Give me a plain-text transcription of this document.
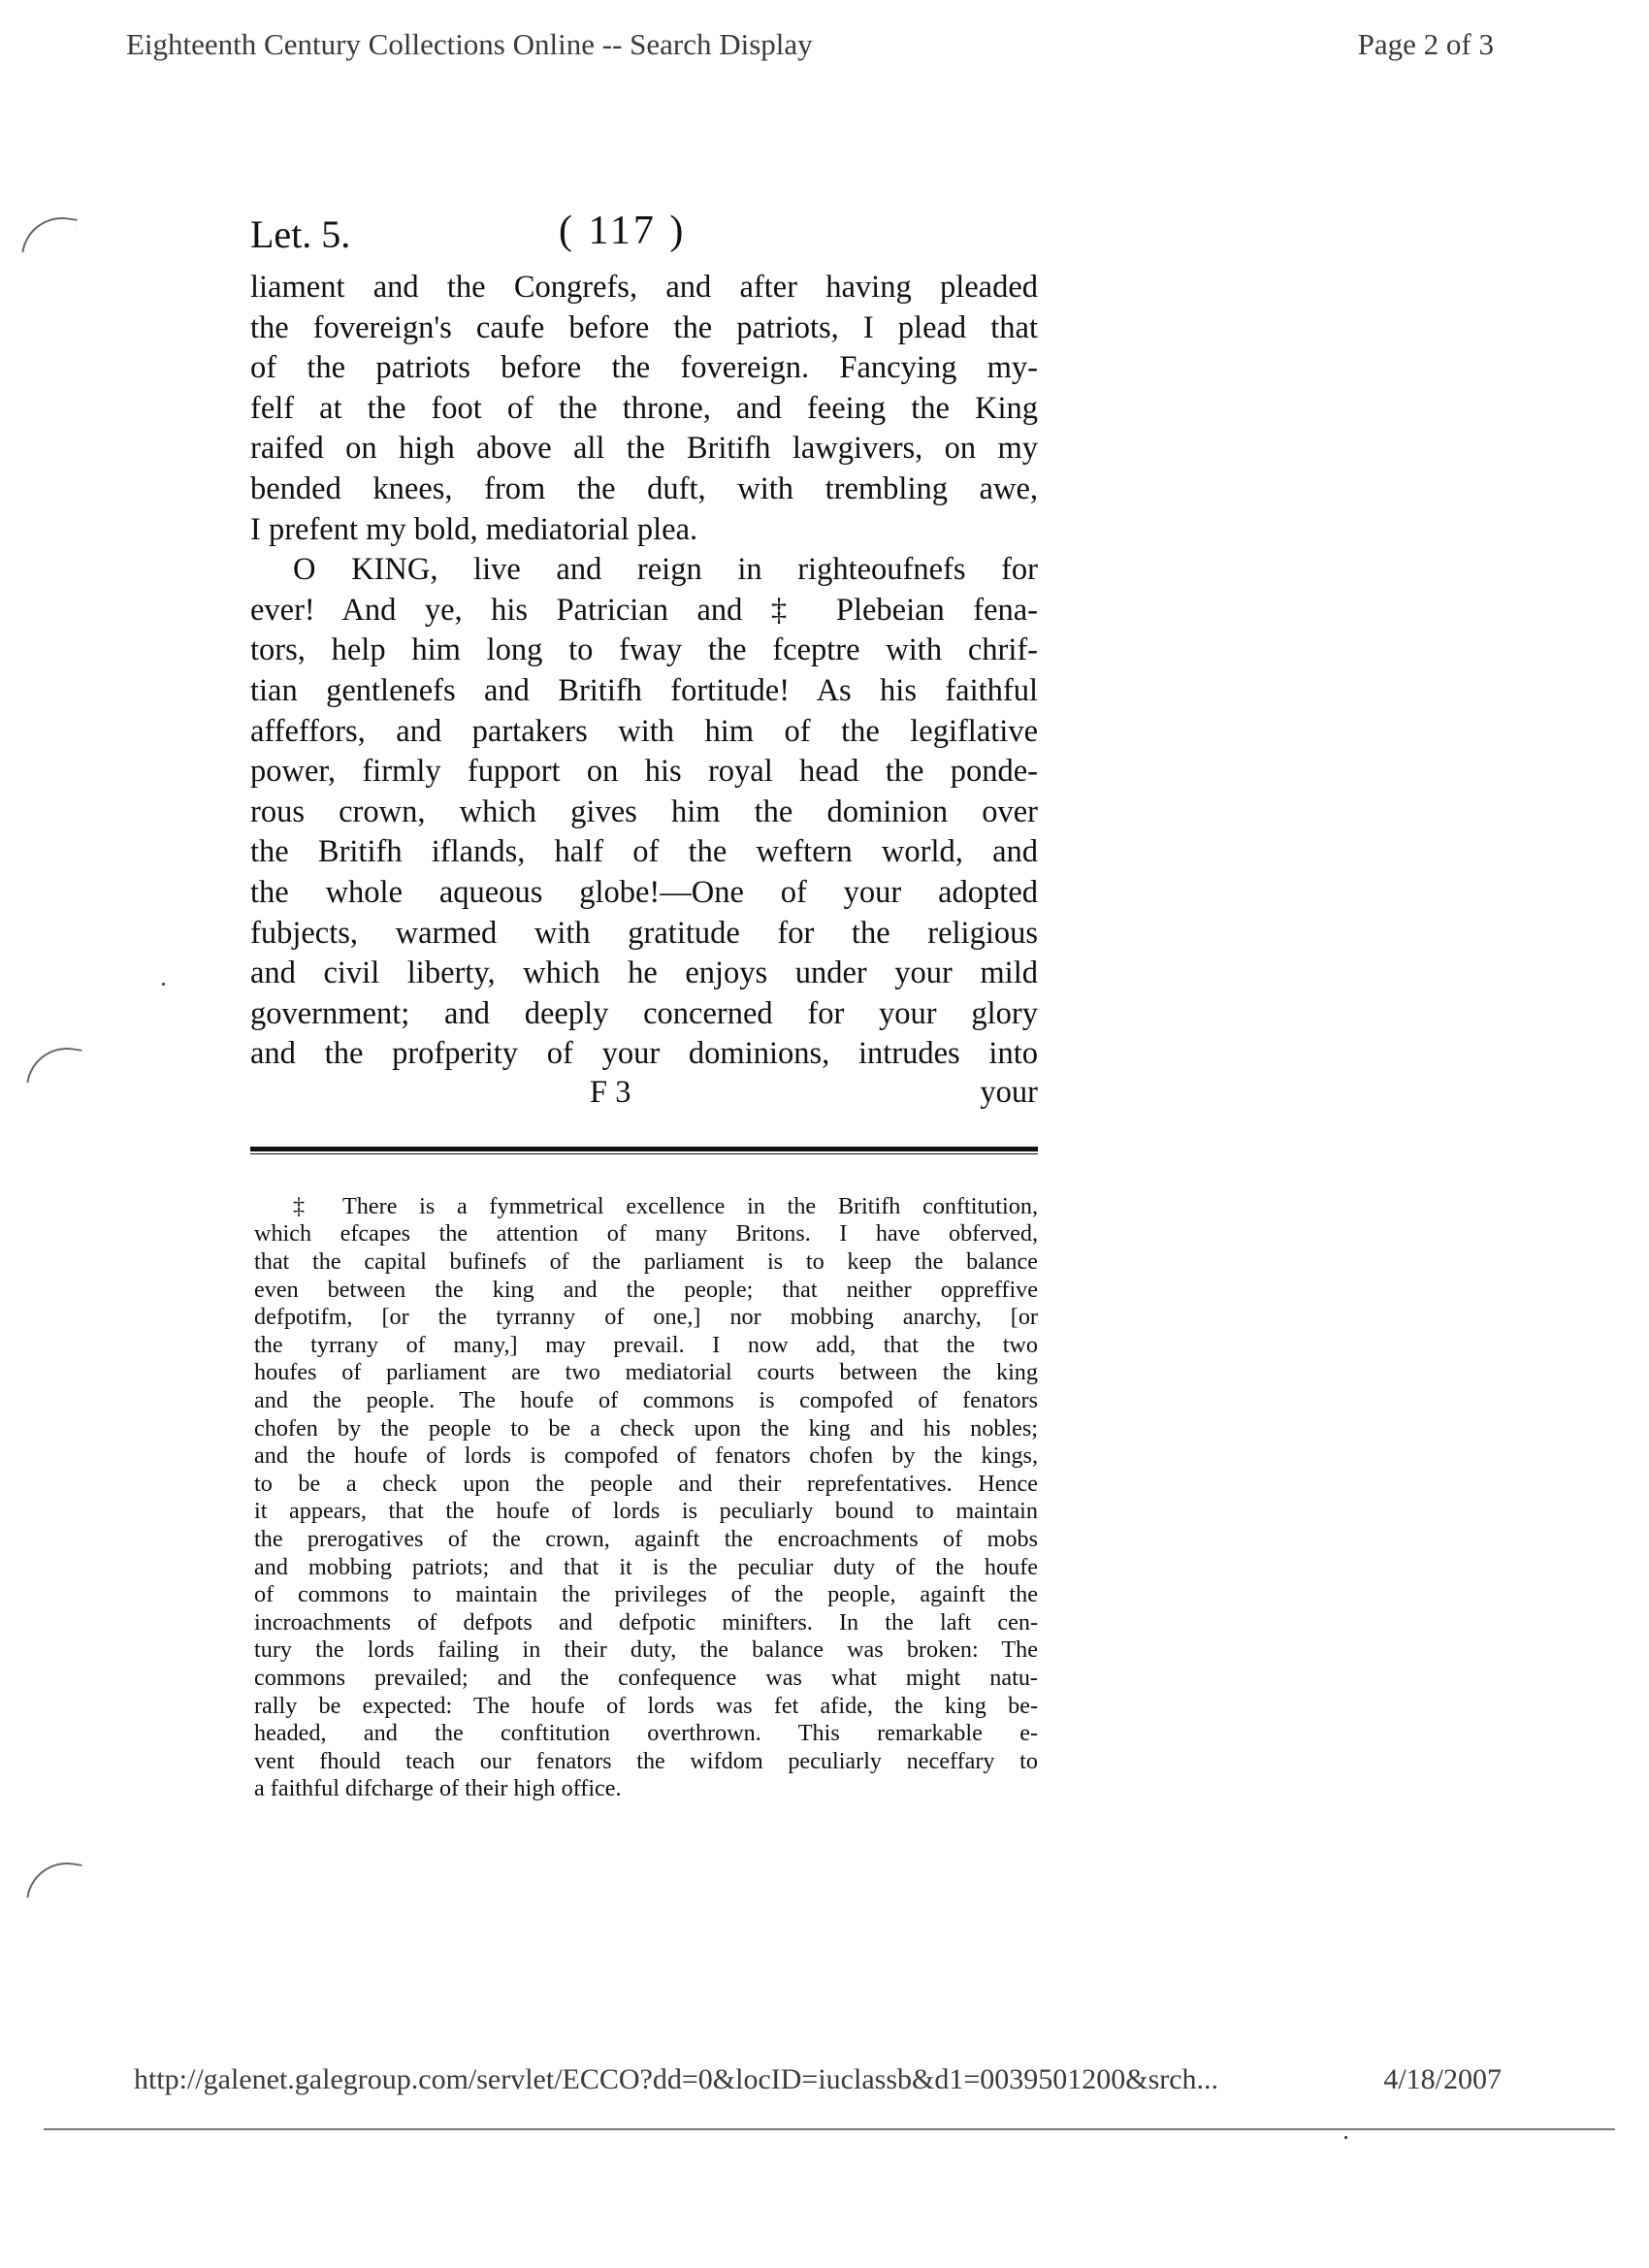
Eighteenth Century Collections Online -- Search Display	Page 2 of 3
Let. 5.	( 117 )
liament and the Congrefs, and after having pleaded
the fovereign's caufe before the patriots, I plead that
of the patriots before the fovereign. Fancying my-
felf at the foot of the throne, and feeing the King
raifed on high above all the Britifh lawgivers, on my
bended knees, from the duft, with trembling awe,
I prefent my bold, mediatorial plea.
O KING, live and reign in righteoufnefs for
ever! And ye, his Patrician and ‡ Plebeian fena-
tors, help him long to fway the fceptre with chrif-
tian gentlenefs and Britifh fortitude! As his faithful
affeffors, and partakers with him of the legiflative
power, firmly fupport on his royal head the ponde-
rous crown, which gives him the dominion over
the Britifh iflands, half of the weftern world, and
the whole aqueous globe!—One of your adopted
fubjects, warmed with gratitude for the religious
and civil liberty, which he enjoys under your mild
government; and deeply concerned for your glory
and the profperity of your dominions, intrudes into
F 3	your
‡ There is a fymmetrical excellence in the Britifh conftitution,
which efcapes the attention of many Britons. I have obferved,
that the capital bufinefs of the parliament is to keep the balance
even between the king and the people; that neither oppreffive
defpotifm, [or the tyrranny of one,] nor mobbing anarchy, [or
the tyrrany of many,] may prevail. I now add, that the two
houfes of parliament are two mediatorial courts between the king
and the people. The houfe of commons is compofed of fenators
chofen by the people to be a check upon the king and his nobles;
and the houfe of lords is compofed of fenators chofen by the kings,
to be a check upon the people and their reprefentatives. Hence
it appears, that the houfe of lords is peculiarly bound to maintain
the prerogatives of the crown, againft the encroachments of mobs
and mobbing patriots; and that it is the peculiar duty of the houfe
of commons to maintain the privileges of the people, againft the
incroachments of defpots and defpotic minifters. In the laft cen-
tury the lords failing in their duty, the balance was broken: The
commons prevailed; and the confequence was what might natu-
rally be expected: The houfe of lords was fet afide, the king be-
headed, and the conftitution overthrown. This remarkable e-
vent fhould teach our fenators the wifdom peculiarly neceffary to
a faithful difcharge of their high office.
http://galenet.galegroup.com/servlet/ECCO?dd=0&locID=iuclassb&d1=0039501200&srch...	4/18/2007
